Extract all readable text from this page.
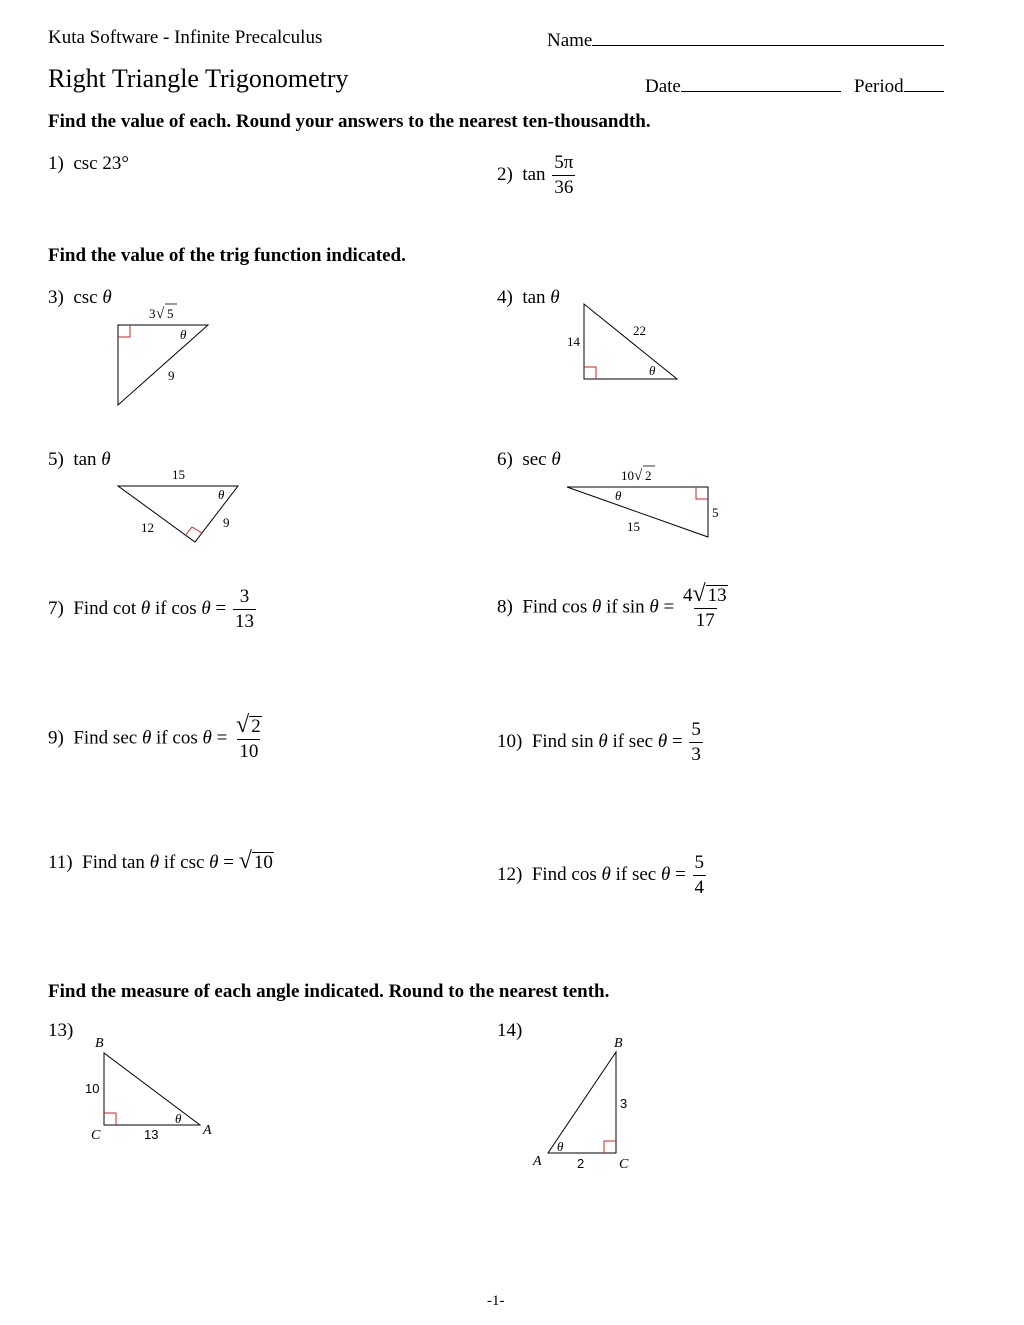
Kuta Software - Infinite Precalculus	Name
Right Triangle Trigonometry	Date	Period
Find the value of each. Round your answers to the nearest ten-thousandth.
1) csc 23°
2) $\tan \frac{5\pi}{36}$
Find the value of the trig function indicated.
3) csc θ
3 √ 5
θ
9
4) tan θ
14
22
θ
5) tan θ
15
θ
12	9
6) sec θ
10 √ 2
θ
5
15
7) Find cot θ if $\cos \theta = \frac{3}{13}$	8) Find cos θ if $\sin \theta = \frac{4√ 13}{17}$
9) Find sec θ if $\cos \theta = \frac{√ 2}{10}$	10) Find sin θ if $\sec \theta = \frac{5}{3}$
11) Find tan θ if csc θ = √ 10
12) Find cos θ if $\sec \theta = \frac{5}{4}$
Find the measure of each angle indicated. Round to the nearest tenth.
13)
B
C	A
10
13
θ
14)
B
C
A
3
2
θ
-1-
